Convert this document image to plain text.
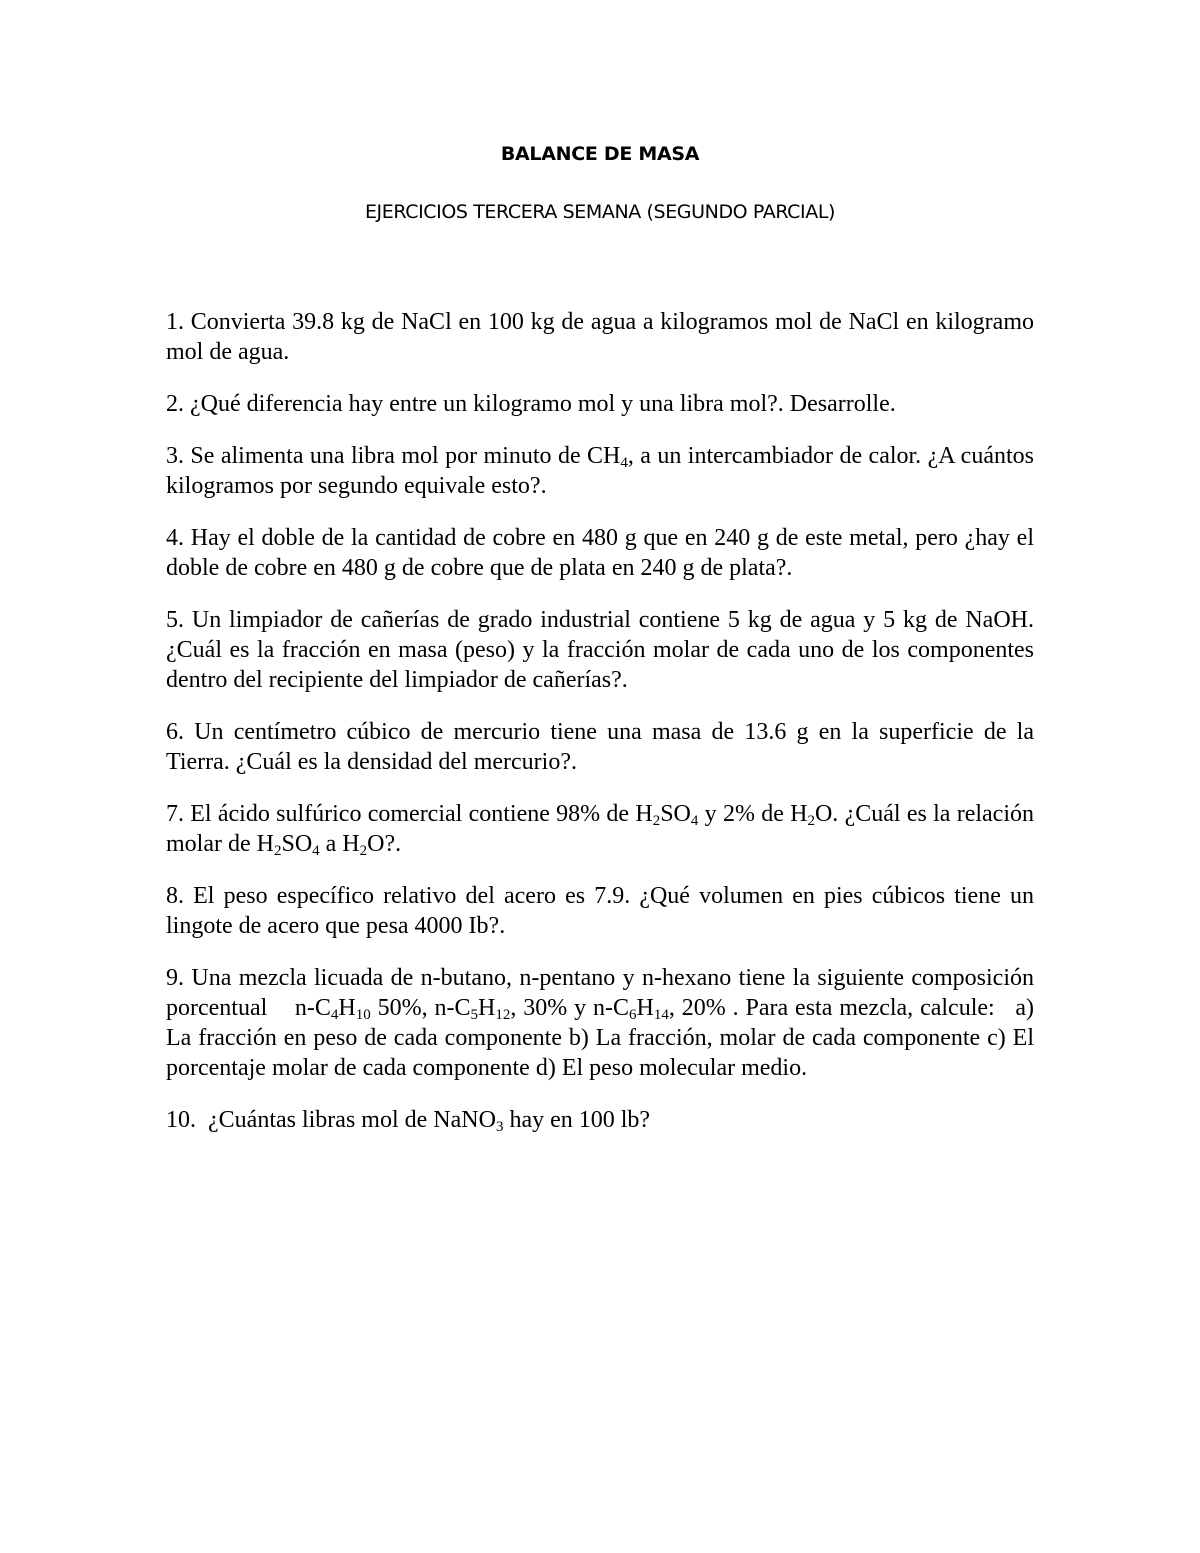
BALANCE DE MASA
EJERCICIOS TERCERA SEMANA (SEGUNDO PARCIAL)

1. Convierta 39.8 kg de NaCl en 100 kg de agua a kilogramos mol de NaCl en kilogramo mol de agua.

2. ¿Qué diferencia hay entre un kilogramo mol y una libra mol?. Desarrolle.

3. Se alimenta una libra mol por minuto de $CH_4$, a un intercambiador de calor. ¿A cuántos kilogramos por segundo equivale esto?.

4. Hay el doble de la cantidad de cobre en 480 g que en 240 g de este metal, pero ¿hay el doble de cobre en 480 g de cobre que de plata en 240 g de plata?.

5. Un limpiador de cañerías de grado industrial contiene 5 kg de agua y 5 kg de NaOH. ¿Cuál es la fracción en masa (peso) y la fracción molar de cada uno de los componentes dentro del recipiente del limpiador de cañerías?.

6. Un centímetro cúbico de mercurio tiene una masa de 13.6 g en la superficie de la Tierra. ¿Cuál es la densidad del mercurio?.

7. El ácido sulfúrico comercial contiene 98% de $H_2SO_4$ y 2% de $H_2O$. ¿Cuál es la relación molar de $H_2SO_4$ a $H_2O$?.

8. El peso específico relativo del acero es 7.9. ¿Qué volumen en pies cúbicos tiene un lingote de acero que pesa 4000 Ib?.

9. Una mezcla licuada de n-butano, n-pentano y n-hexano tiene la siguiente composición porcentual    $n-C_4H_{10}$ 50%, $n-C_5H_{12}$, 30% y $n-C_6H_{14}$, 20% . Para esta mezcla, calcule:   a) La fracción en peso de cada componente b) La fracción, molar de cada componente c) El porcentaje molar de cada componente d) El peso molecular medio.

10.  ¿Cuántas libras mol de NaNO$_3$ hay en 100 lb?
